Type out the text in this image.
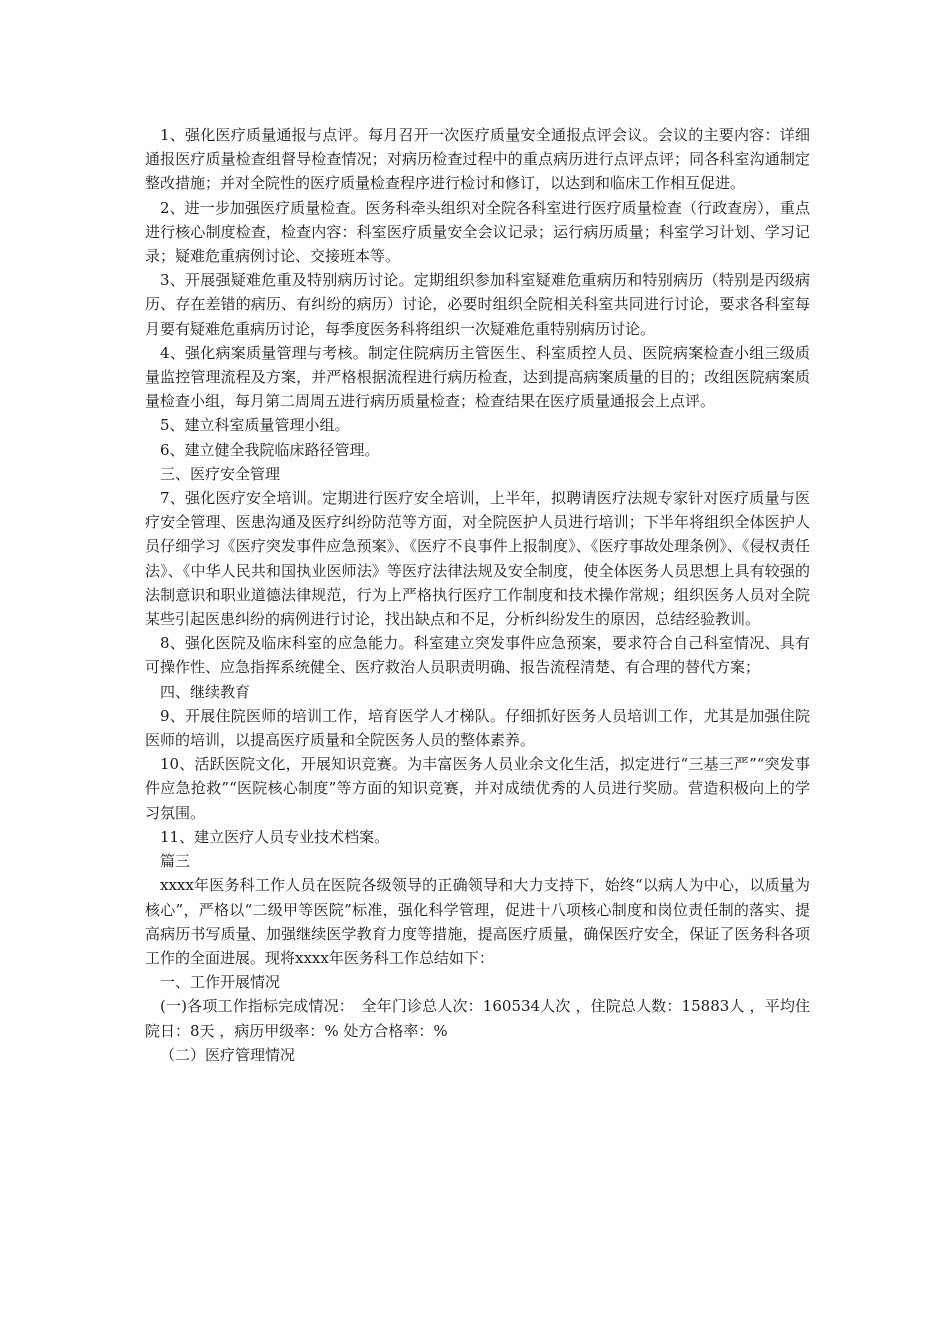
1、强化医疗质量通报与点评。每月召开一次医疗质量安全通报点评会议。会议的主要内容：详细通报医疗质量检查组督导检查情况；对病历检查过程中的重点病历进行点评点评；同各科室沟通制定整改措施；并对全院性的医疗质量检查程序进行检讨和修订，以达到和临床工作相互促进。

2、进一步加强医疗质量检查。医务科牵头组织对全院各科室进行医疗质量检查（行政查房），重点进行核心制度检查，检查内容：科室医疗质量安全会议记录；运行病历质量；科室学习计划、学习记录；疑难危重病例讨论、交接班本等。

3、开展强疑难危重及特别病历讨论。定期组织参加科室疑难危重病历和特别病历（特别是丙级病历、存在差错的病历、有纠纷的病历）讨论，必要时组织全院相关科室共同进行讨论，要求各科室每月要有疑难危重病历讨论，每季度医务科将组织一次疑难危重特别病历讨论。

4、强化病案质量管理与考核。制定住院病历主管医生、科室质控人员、医院病案检查小组三级质量监控管理流程及方案，并严格根据流程进行病历检查，达到提高病案质量的目的；改组医院病案质量检查小组，每月第二周周五进行病历质量检查；检查结果在医疗质量通报会上点评。

5、建立科室质量管理小组。

6、建立健全我院临床路径管理。

三、医疗安全管理

7、强化医疗安全培训。定期进行医疗安全培训，上半年，拟聘请医疗法规专家针对医疗质量与医疗安全管理、医患沟通及医疗纠纷防范等方面，对全院医护人员进行培训；下半年将组织全体医护人员仔细学习《医疗突发事件应急预案》、《医疗不良事件上报制度》、《医疗事故处理条例》、《侵权责任法》、《中华人民共和国执业医师法》等医疗法律法规及安全制度，使全体医务人员思想上具有较强的法制意识和职业道德法律规范，行为上严格执行医疗工作制度和技术操作常规；组织医务人员对全院某些引起医患纠纷的病例进行讨论，找出缺点和不足，分析纠纷发生的原因，总结经验教训。

8、强化医院及临床科室的应急能力。科室建立突发事件应急预案，要求符合自己科室情况、具有可操作性、应急指挥系统健全、医疗救治人员职责明确、报告流程清楚、有合理的替代方案；

四、继续教育

9、开展住院医师的培训工作，培育医学人才梯队。仔细抓好医务人员培训工作，尤其是加强住院医师的培训，以提高医疗质量和全院医务人员的整体素养。

10、活跃医院文化，开展知识竞赛。为丰富医务人员业余文化生活，拟定进行“三基三严”“突发事件应急抢救”“医院核心制度”等方面的知识竞赛，并对成绩优秀的人员进行奖励。营造积极向上的学习氛围。

11、建立医疗人员专业技术档案。

篇三

xxxx年医务科工作人员在医院各级领导的正确领导和大力支持下，始终“以病人为中心，以质量为核心”，严格以“二级甲等医院”标准，强化科学管理，促进十八项核心制度和岗位责任制的落实、提高病历书写质量、加强继续医学教育力度等措施，提高医疗质量，确保医疗安全，保证了医务科各项工作的全面进展。现将xxxx年医务科工作总结如下：

一、工作开展情况

(一)各项工作指标完成情况：　全年门诊总人次：160534人次 ，住院总人数：15883人 ，平均住院日：8天 ，病历甲级率：% 处方合格率：%

（二）医疗管理情况
